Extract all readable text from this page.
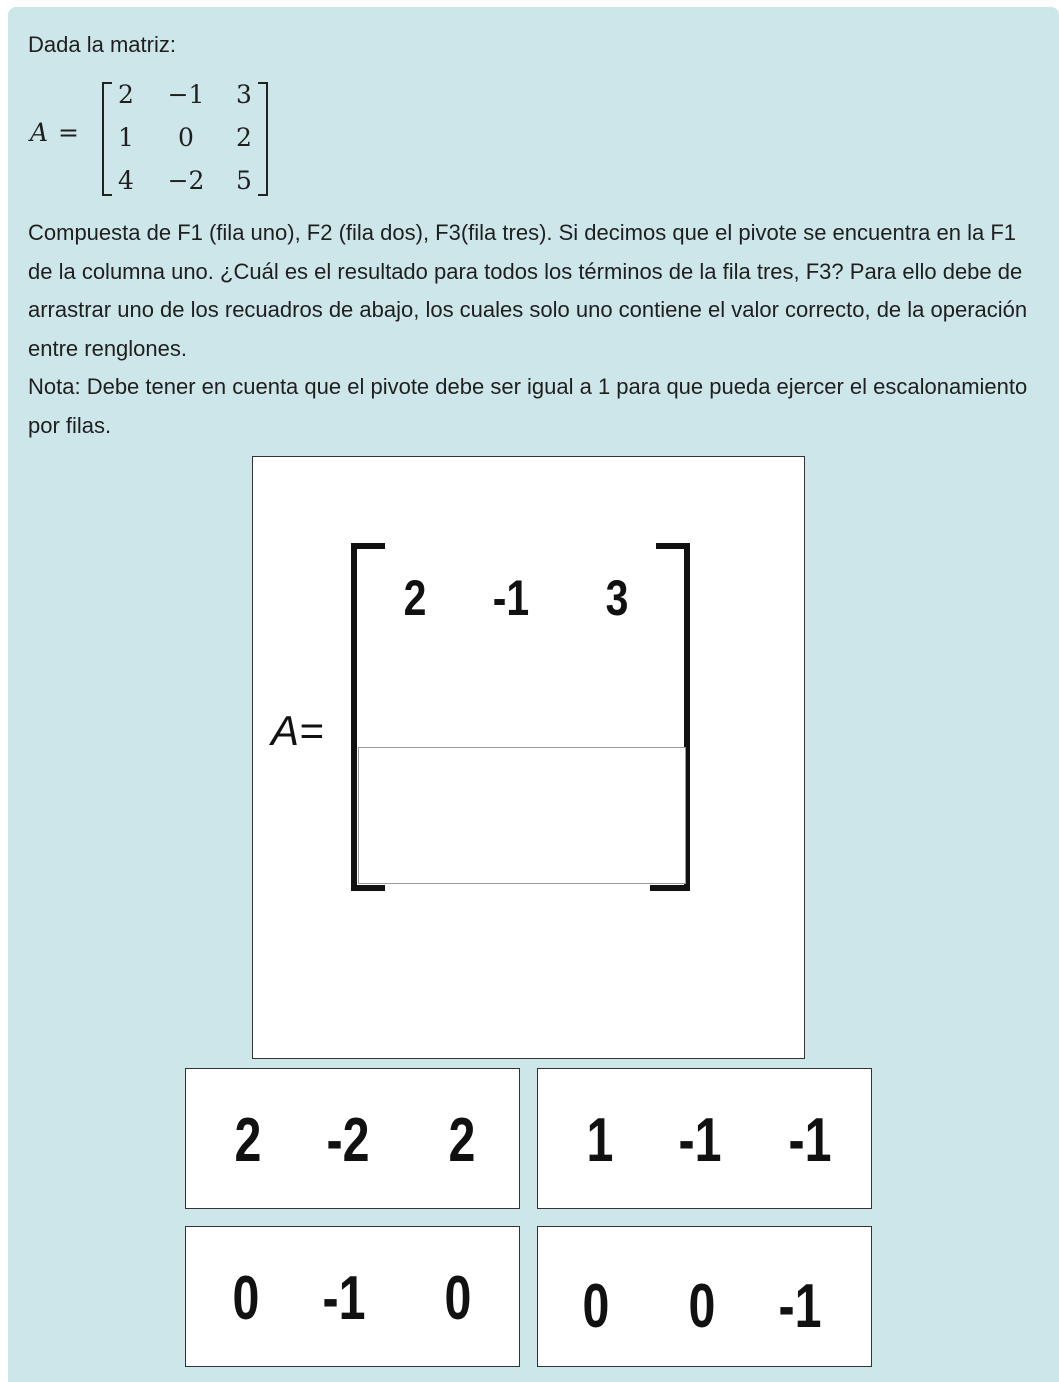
Dada la matriz:
A =
2	−1	3
1	0	2
4	−2	5

Compuesta de F1 (fila uno), F2 (fila dos), F3(fila tres). Si decimos que el pivote se encuentra en la F1 de la columna uno. ¿Cuál es el resultado para todos los términos de la fila tres, F3? Para ello debe de arrastrar uno de los recuadros de abajo, los cuales solo uno contiene el valor correcto, de la operación entre renglones.

Nota: Debe tener en cuenta que el pivote debe ser igual a 1 para que pueda ejercer el escalonamiento por filas.

A=
2 -1 3
2 -2 2 1 -1 -1
0 -1 0 0 0 -1
